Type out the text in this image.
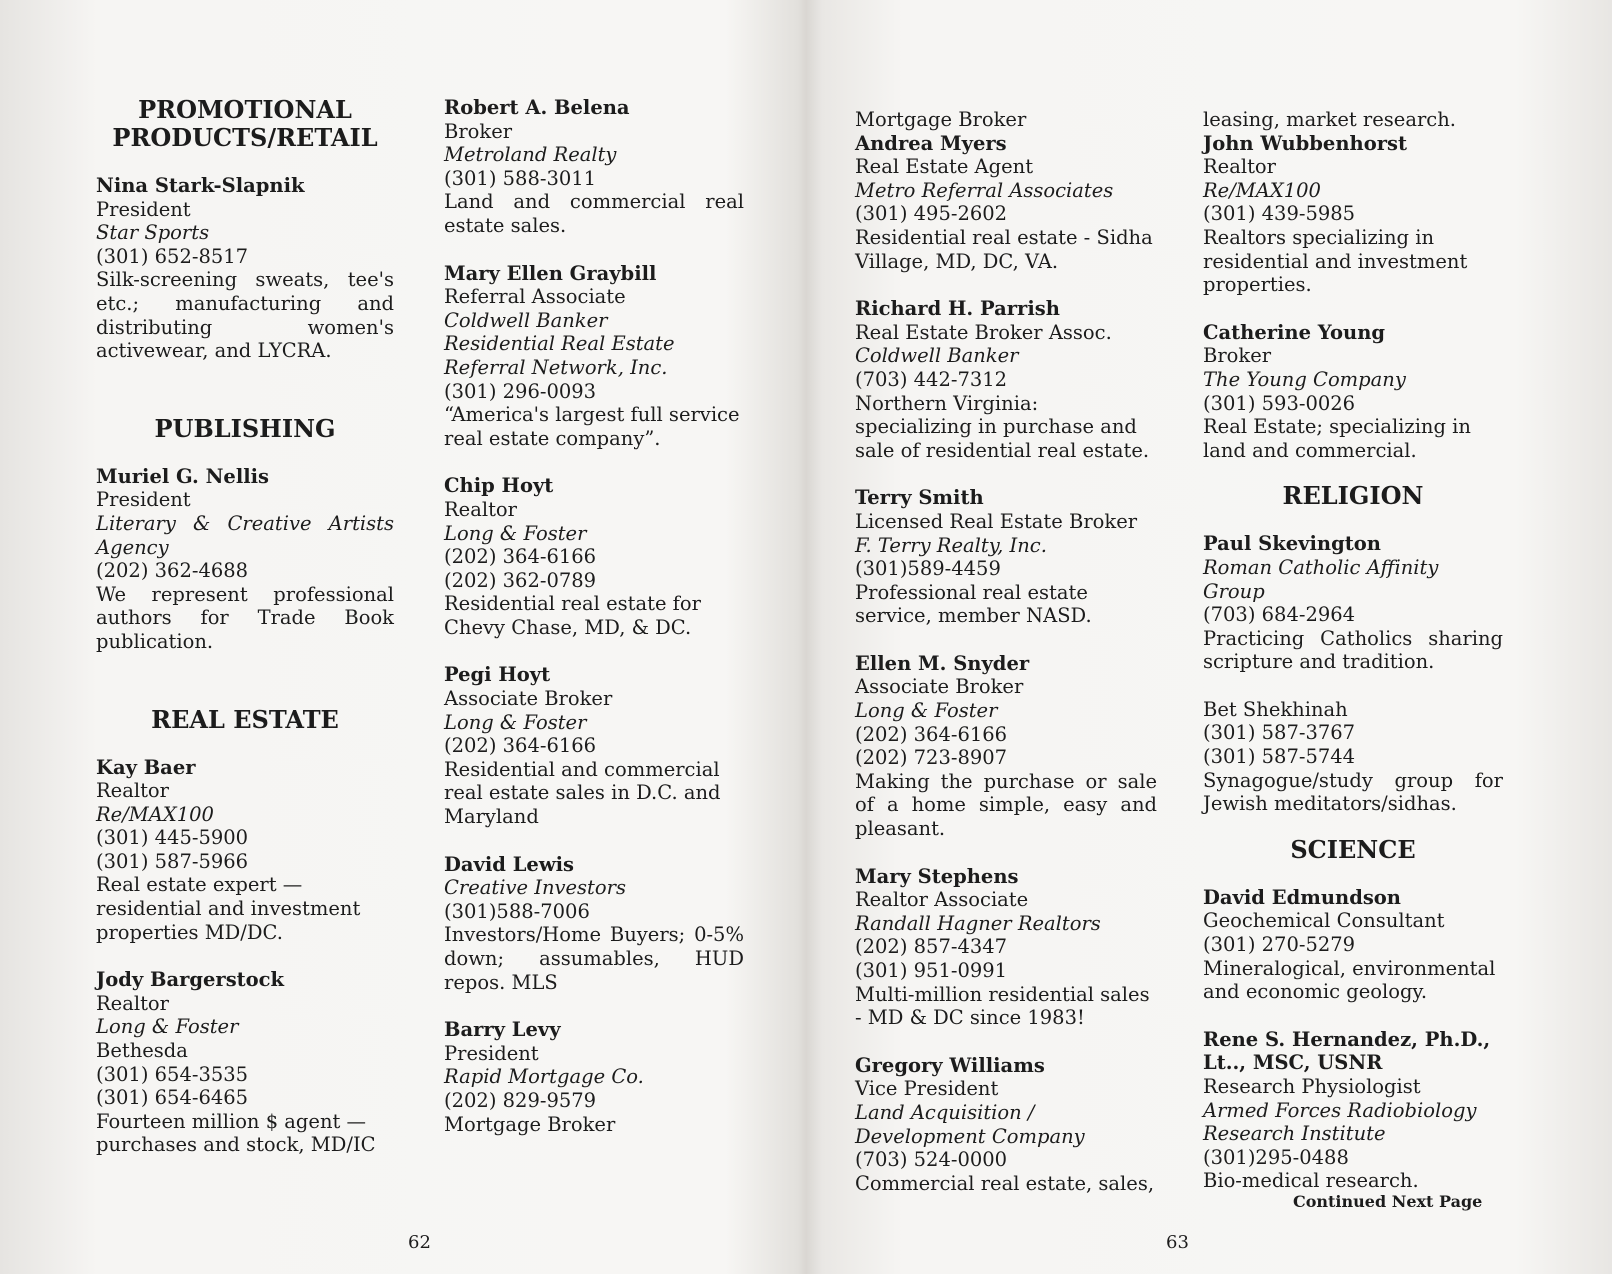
PROMOTIONAL PRODUCTS/RETAIL
Nina Stark-Slapnik
President
Star Sports
(301) 652-8517
Silk-screening sweats, tee's etc.; manufacturing and distributing women's activewear, and LYCRA.
PUBLISHING
Muriel G. Nellis
President
Literary & Creative Artists Agency
(202) 362-4688
We represent professional authors for Trade Book publication.
REAL ESTATE
Kay Baer
Realtor
Re/MAX100
(301) 445-5900
(301) 587-5966
Real estate expert — residential and investment properties MD/DC.
Jody Bargerstock
Realtor
Long & Foster
Bethesda
(301) 654-3535
(301) 654-6465
Fourteen million $ agent — purchases and stock, MD/IC
Robert A. Belena
Broker
Metroland Realty
(301) 588-3011
Land and commercial real estate sales.
Mary Ellen Graybill
Referral Associate
Coldwell Banker
Residential Real Estate Referral Network, Inc.
(301) 296-0093
“America's largest full service real estate company”.
Chip Hoyt
Realtor
Long & Foster
(202) 364-6166
(202) 362-0789
Residential real estate for Chevy Chase, MD, & DC.
Pegi Hoyt
Associate Broker
Long & Foster
(202) 364-6166
Residential and commercial real estate sales in D.C. and Maryland
David Lewis
Creative Investors
(301)588-7006
Investors/Home Buyers; 0-5% down; assumables, HUD repos. MLS
Barry Levy
President
Rapid Mortgage Co.
(202) 829-9579
Mortgage Broker
Mortgage Broker
Andrea Myers
Real Estate Agent
Metro Referral Associates
(301) 495-2602
Residential real estate - Sidha Village, MD, DC, VA.
Richard H. Parrish
Real Estate Broker Assoc.
Coldwell Banker
(703) 442-7312
Northern Virginia: specializing in purchase and sale of residential real estate.
Terry Smith
Licensed Real Estate Broker
F. Terry Realty, Inc.
(301)589-4459
Professional real estate service, member NASD.
Ellen M. Snyder
Associate Broker
Long & Foster
(202) 364-6166
(202) 723-8907
Making the purchase or sale of a home simple, easy and pleasant.
Mary Stephens
Realtor Associate
Randall Hagner Realtors
(202) 857-4347
(301) 951-0991
Multi-million residential sales - MD & DC since 1983!
Gregory Williams
Vice President
Land Acquisition / Development Company
(703) 524-0000
Commercial real estate, sales,
leasing, market research.
John Wubbenhorst
Realtor
Re/MAX100
(301) 439-5985
Realtors specializing in residential and investment properties.
Catherine Young
Broker
The Young Company
(301) 593-0026
Real Estate; specializing in land and commercial.
RELIGION
Paul Skevington
Roman Catholic Affinity Group
(703) 684-2964
Practicing Catholics sharing scripture and tradition.
Bet Shekhinah
(301) 587-3767
(301) 587-5744
Synagogue/study group for Jewish meditators/sidhas.
SCIENCE
David Edmundson
Geochemical Consultant
(301) 270-5279
Mineralogical, environmental and economic geology.
Rene S. Hernandez, Ph.D., Lt.., MSC, USNR
Research Physiologist
Armed Forces Radiobiology Research Institute
(301)295-0488
Bio-medical research.
Continued Next Page
62	63
